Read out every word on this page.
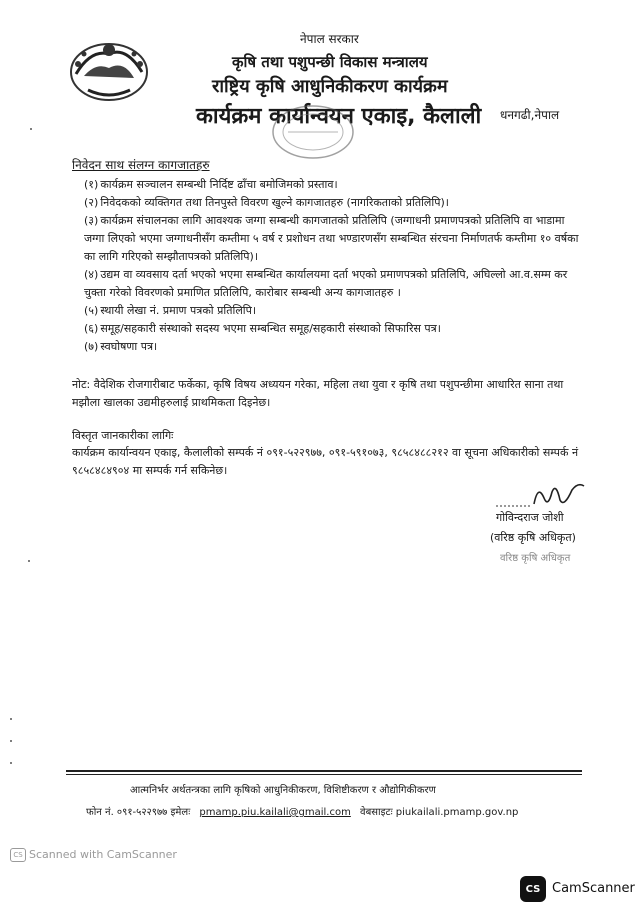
नेपाल सरकार
कृषि तथा पशुपन्छी विकास मन्त्रालय
राष्ट्रिय कृषि आधुनिकीकरण कार्यक्रम
कार्यक्रम कार्यान्वयन एकाइ, कैलाली धनगढी,नेपाल
निवेदन साथ संलग्न कागजातहरु
(१) कार्यक्रम सञ्चालन सम्बन्धी निर्दिष्ट ढाँचा बमोजिमको प्रस्ताव।
(२) निवेदकको व्यक्तिगत तथा तिनपुस्ते विवरण खुल्ने कागजातहरु (नागरिकताको प्रतिलिपि)।
(३) कार्यक्रम संचालनका लागि आवश्यक जग्गा सम्बन्धी कागजातको प्रतिलिपि (जग्गाधनी प्रमाणपत्रको प्रतिलिपि वा भाडामा जग्गा लिएको भएमा जग्गाधनीसँग कम्तीमा ५ वर्ष र प्रशोधन तथा भण्डारणसँग सम्बन्धित संरचना निर्माणतर्फ कम्तीमा १० वर्षका का लागि गरिएको सम्झौतापत्रको प्रतिलिपि)।
(४) उद्यम वा व्यवसाय दर्ता भएको भएमा सम्बन्धित कार्यालयमा दर्ता भएको प्रमाणपत्रको प्रतिलिपि, अघिल्लो आ.व.सम्म कर चुक्ता गरेको विवरणको प्रमाणित प्रतिलिपि, कारोबार सम्बन्धी अन्य कागजातहरु ।
(५) स्थायी लेखा नं. प्रमाण पत्रको प्रतिलिपि।
(६) समूह/सहकारी संस्थाको सदस्य भएमा सम्बन्धित समूह/सहकारी संस्थाको सिफारिस पत्र।
(७) स्वघोषणा पत्र।
नोट: वैदेशिक रोजगारीबाट फर्केका, कृषि विषय अध्ययन गरेका, महिला तथा युवा र कृषि तथा पशुपन्छीमा आधारित साना तथा मझौला खालका उद्यमीहरुलाई प्राथमिकता दिइनेछ।
विस्तृत जानकारीका लागिः
कार्यक्रम कार्यान्वयन एकाइ, कैलालीको सम्पर्क नं ०९१-५२२९७७, ०९१-५९१०७३, ९८५८४८८२१२ वा सूचना अधिकारीको सम्पर्क नं ९८५८४८४९०४ मा सम्पर्क गर्न सकिनेछ।
गोविन्दराज जोशी
(वरिष्ठ कृषि अधिकृत)
वरिष्ठ कृषि अधिकृत
आत्मनिर्भर अर्थतन्त्रका लागि कृषिको आधुनिकीकरण, विशिष्टीकरण र औद्योगिकीकरण
फोन नं. ०९१-५२२९७७ इमेलः pmamp.piu.kailali@gmail.com वेबसाइटः piukailali.pmamp.gov.np
CS Scanned with CamScanner
CS CamScanner
